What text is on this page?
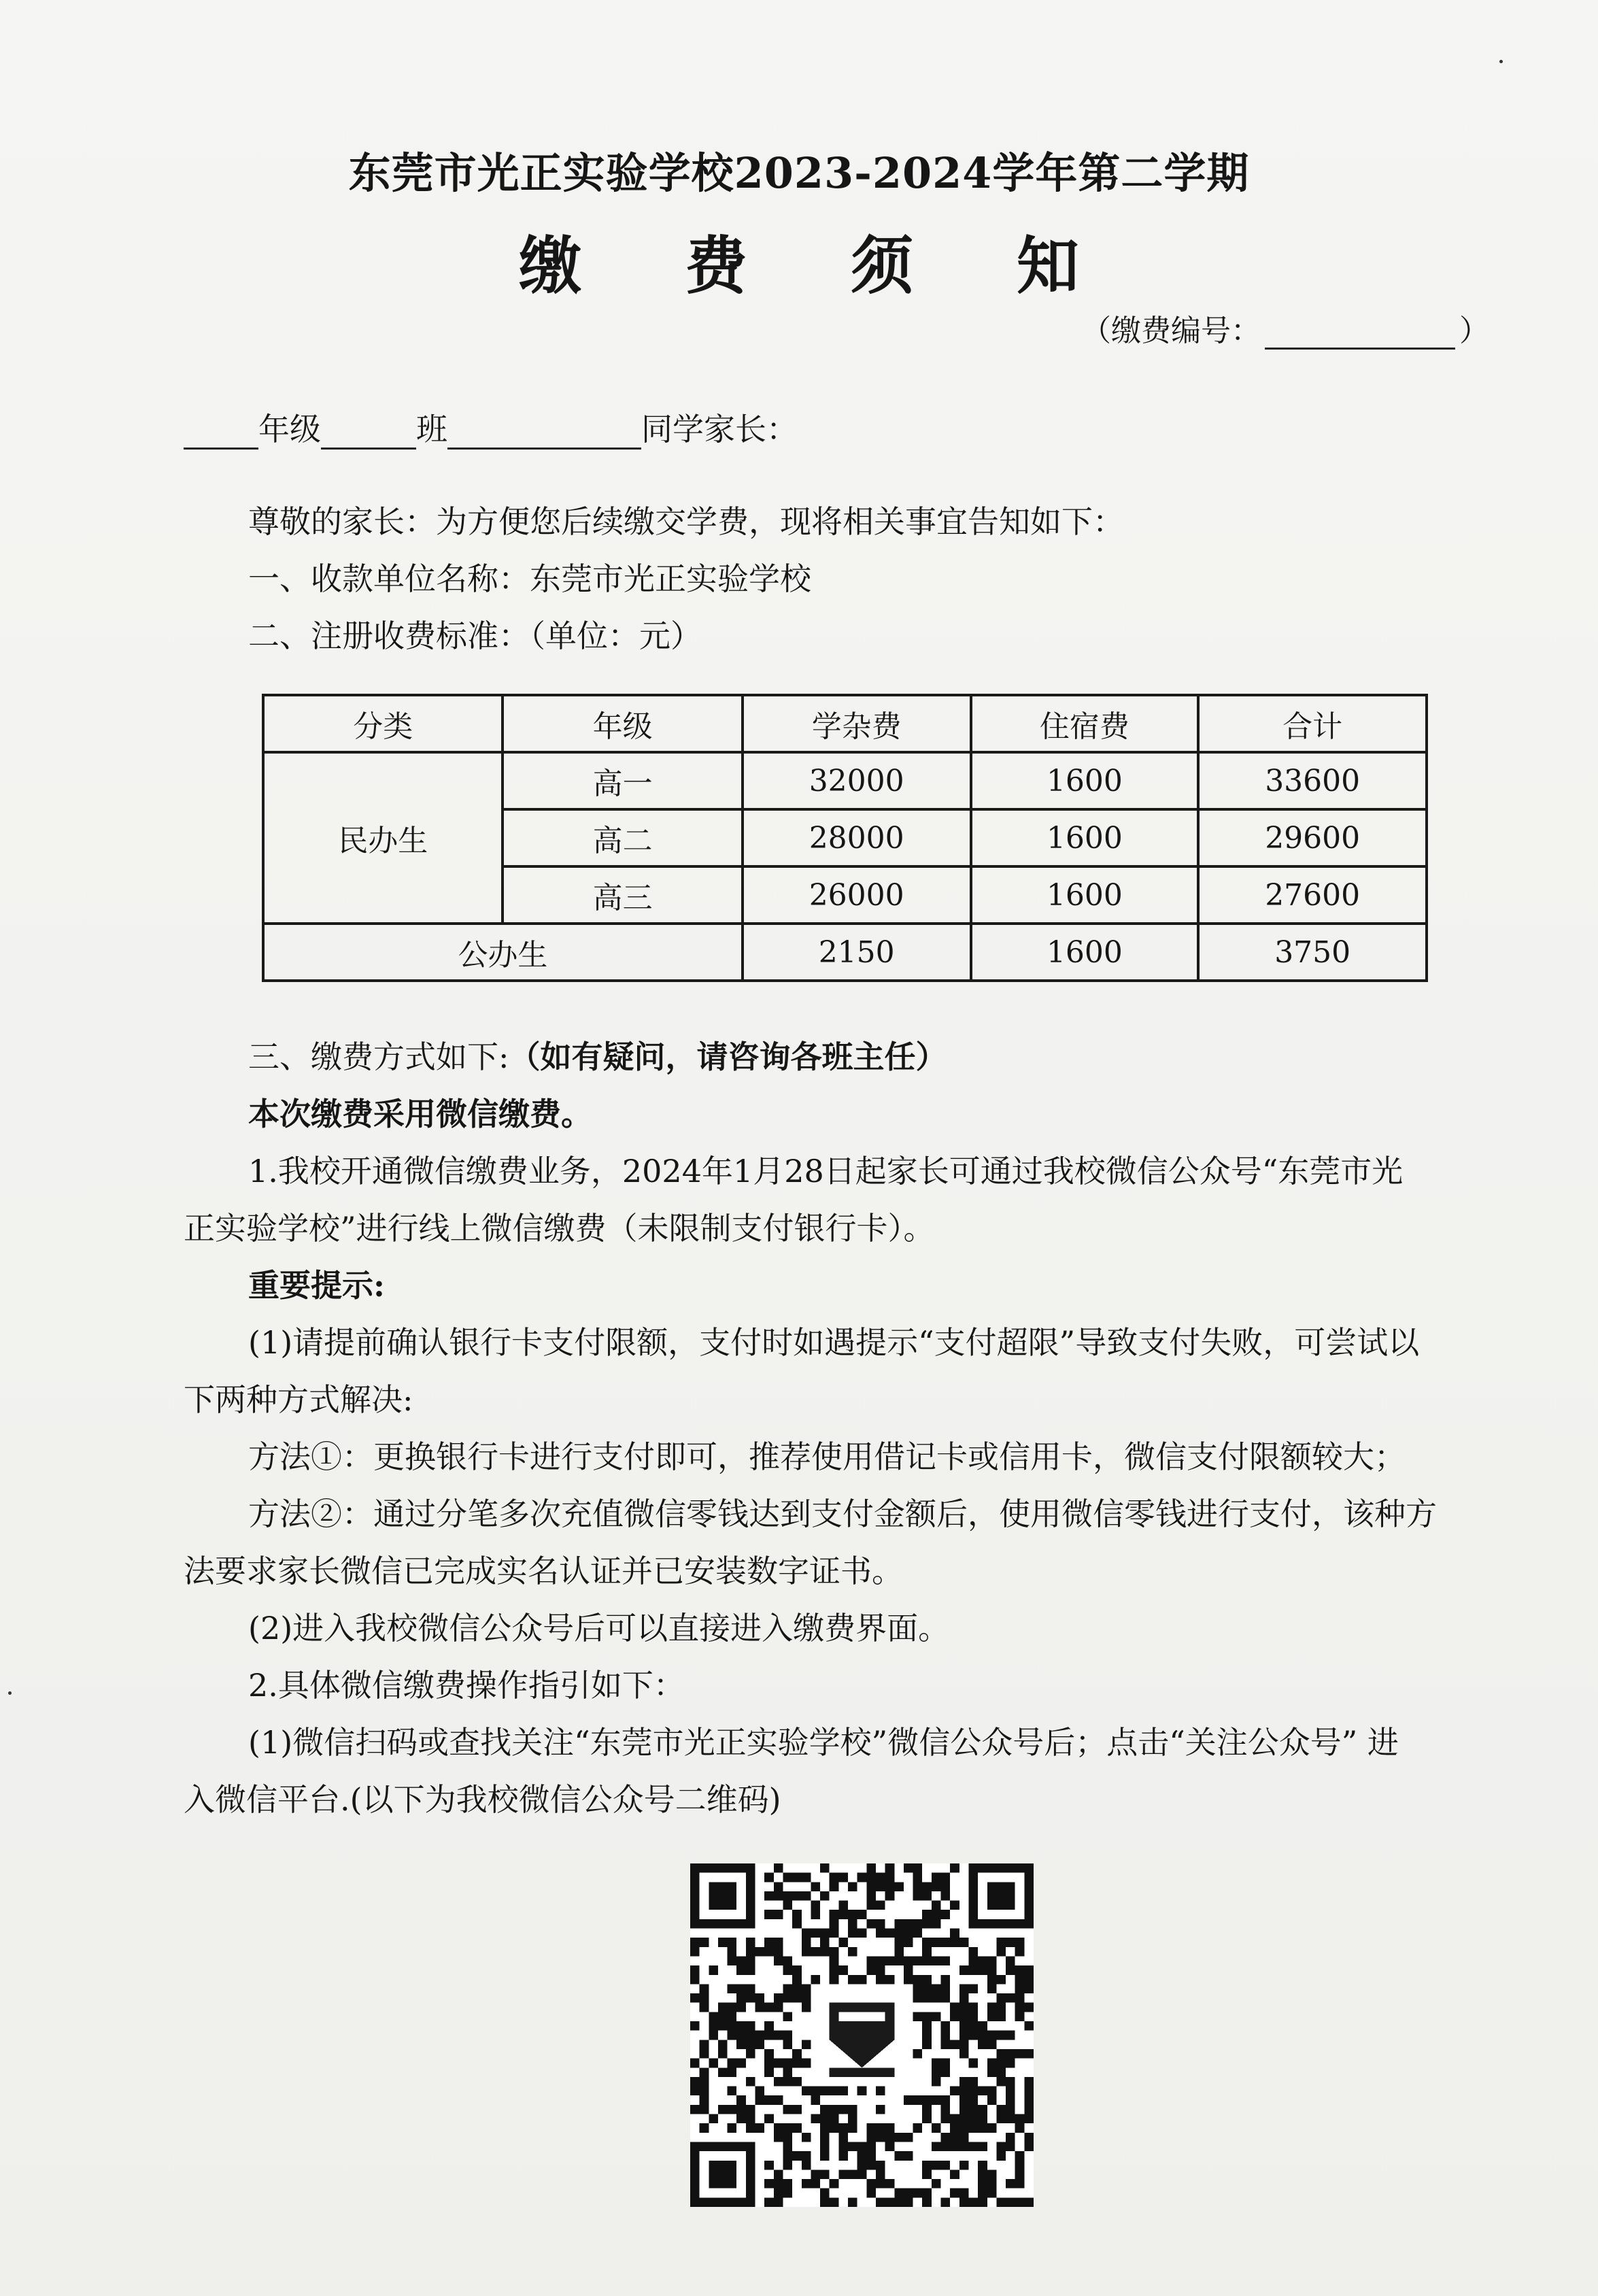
东莞市光正实验学校2023-2024学年第二学期
缴 费 须 知
（缴费编号：	）
年级	班	同学家长：
尊敬的家长：为方便您后续缴交学费，现将相关事宜告知如下：
一、收款单位名称：东莞市光正实验学校
二、注册收费标准：（单位：元）
分类	年级	学杂费	住宿费	合计
民办生	高一	32000	1600	33600
	高二	28000	1600	29600
	高三	26000	1600	27600
公办生		2150	1600	3750
三、缴费方式如下:（如有疑问，请咨询各班主任）
本次缴费采用微信缴费。
1.我校开通微信缴费业务，2024年1月28日起家长可通过我校微信公众号“东莞市光
正实验学校”进行线上微信缴费（未限制支付银行卡）。
重要提示:
(1)请提前确认银行卡支付限额，支付时如遇提示“支付超限”导致支付失败，可尝试以
下两种方式解决:
方法①：更换银行卡进行支付即可，推荐使用借记卡或信用卡，微信支付限额较大；
方法②：通过分笔多次充值微信零钱达到支付金额后，使用微信零钱进行支付，该种方
法要求家长微信已完成实名认证并已安装数字证书。
(2)进入我校微信公众号后可以直接进入缴费界面。
2.具体微信缴费操作指引如下：
(1)微信扫码或查找关注“东莞市光正实验学校”微信公众号后；点击“关注公众号” 进
入微信平台.(以下为我校微信公众号二维码)
